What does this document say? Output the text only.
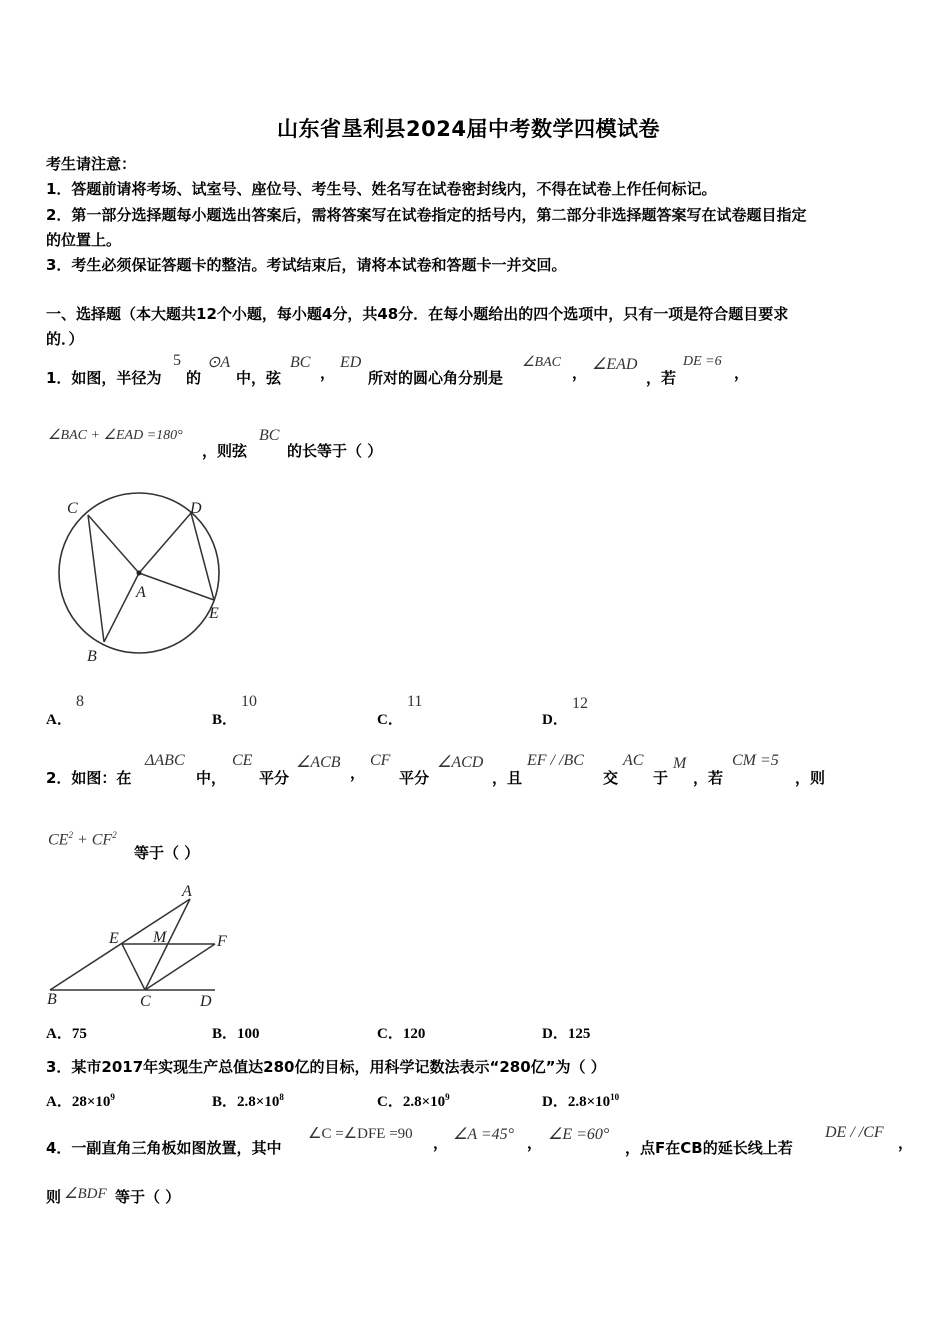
山东省垦利县2024届中考数学四模试卷
考生请注意：
1．答题前请将考场、试室号、座位号、考生号、姓名写在试卷密封线内，不得在试卷上作任何标记。
2．第一部分选择题每小题选出答案后，需将答案写在试卷指定的括号内，第二部分非选择题答案写在试卷题目指定
的位置上。
3．考生必须保证答题卡的整洁。考试结束后，请将本试卷和答题卡一并交回。
一、选择题（本大题共12个小题，每小题4分，共48分．在每小题给出的四个选项中，只有一项是符合题目要求
的．）
1．如图，半径为
5
的
⊙A
中，弦
BC
，
ED
所对的圆心角分别是
∠BAC
， ∠EAD
，若
DE =6
，
∠BAC + ∠EAD =180°
，则弦
BC
的长等于（ ）
C	D
A
E
B
A．
8
B．
10
C．
11
D．
12
2．如图：在
ΔABC
中，
CE
平分
∠ACB
，
CF
平分
∠ACD
，且
EF / /BC
交
AC
于
M
，若
CM =5
，则
$CE^2 + CF^2$
等于（ ）
A
E M	F
B	C	D
A．75	B．100	C．120	D．125
3．某市2017年实现生产总值达280亿的目标，用科学记数法表示“280亿”为（ ）
A．$28\times 10^9$	B．$2.8\times 10^8$	C．$2.8\times 10^9$	D．$2.8\times 10^{10}$
4．一副直角三角板如图放置，其中
∠C =∠DFE =90 ， ∠A =45° ， ∠E =60°
，点F在CB的延长线上若
DE / /CF
，
则 ∠BDF 等于（ ）
